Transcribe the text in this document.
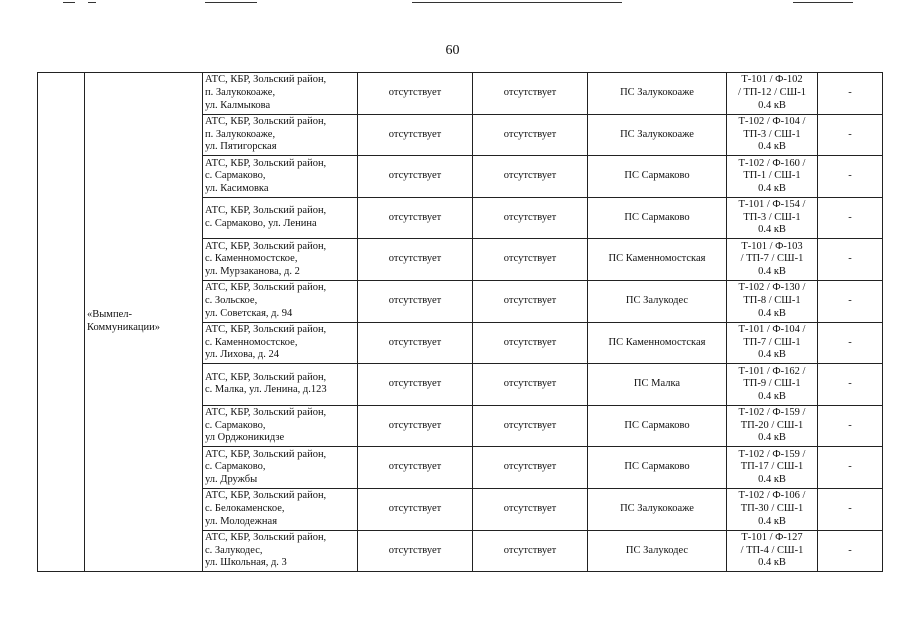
60

	«Вымпел-
Коммуникации»	АТС, КБР, Зольский район,
п. Залукокоаже,
ул. Калмыкова	отсутствует	отсутствует	ПС Залукокоаже	Т-101 / Ф-102
/ ТП-12 / СШ-1
0.4 кВ	-

		АТС, КБР, Зольский район,
п. Залукокоаже,
ул. Пятигорская	отсутствует	отсутствует	ПС Залукокоаже	Т-102 / Ф-104 /
ТП-3 / СШ-1
0.4 кВ	-

		АТС, КБР, Зольский район,
с. Сармаково,
ул. Касимовка	отсутствует	отсутствует	ПС Сармаково	Т-102 / Ф-160 /
ТП-1 / СШ-1
0.4 кВ	-

		АТС, КБР, Зольский район,
с. Сармаково, ул. Ленина	отсутствует	отсутствует	ПС Сармаково	Т-101 / Ф-154 /
ТП-3 / СШ-1
0.4 кВ	-

		АТС, КБР, Зольский район,
с. Каменномостское,
ул. Мурзаканова, д. 2	отсутствует	отсутствует	ПС Каменномостская	Т-101 / Ф-103
/ ТП-7 / СШ-1
0.4 кВ	-

		АТС, КБР, Зольский район,
с. Зольское,
ул. Советская, д. 94	отсутствует	отсутствует	ПС Залукодес	Т-102 / Ф-130 /
ТП-8 / СШ-1
0.4 кВ	-

		АТС, КБР, Зольский район,
с. Каменномостское,
ул. Лихова, д. 24	отсутствует	отсутствует	ПС Каменномостская	Т-101 / Ф-104 /
ТП-7 / СШ-1
0.4 кВ	-

		АТС, КБР, Зольский район,
с. Малка, ул. Ленина, д.123	отсутствует	отсутствует	ПС Малка	Т-101 / Ф-162 /
ТП-9 / СШ-1
0.4 кВ	-

		АТС, КБР, Зольский район,
с. Сармаково,
ул Орджоникидзе	отсутствует	отсутствует	ПС Сармаково	Т-102 / Ф-159 /
ТП-20 / СШ-1
0.4 кВ	-

		АТС, КБР, Зольский район,
с. Сармаково,
ул. Дружбы	отсутствует	отсутствует	ПС Сармаково	Т-102 / Ф-159 /
ТП-17 / СШ-1
0.4 кВ	-

		АТС, КБР, Зольский район,
с. Белокаменское,
ул. Молодежная	отсутствует	отсутствует	ПС Залукокоаже	Т-102 / Ф-106 /
ТП-30 / СШ-1
0.4 кВ	-

		АТС, КБР, Зольский район,
с. Залукодес,
ул. Школьная, д. 3	отсутствует	отсутствует	ПС Залукодес	Т-101 / Ф-127
/ ТП-4 / СШ-1
0.4 кВ	-
